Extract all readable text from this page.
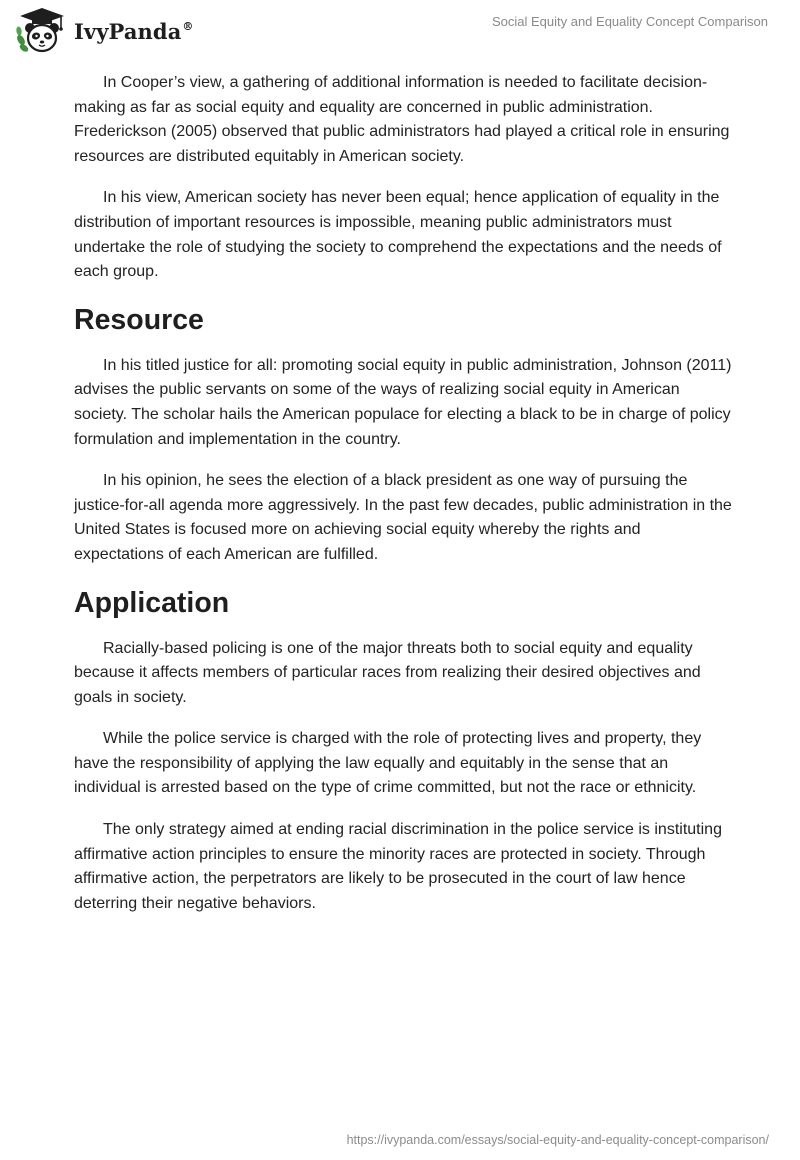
IvyPanda®	Social Equity and Equality Concept Comparison

In Cooper’s view, a gathering of additional information is needed to facilitate decision-making as far as social equity and equality are concerned in public administration. Frederickson (2005) observed that public administrators had played a critical role in ensuring resources are distributed equitably in American society.

In his view, American society has never been equal; hence application of equality in the distribution of important resources is impossible, meaning public administrators must undertake the role of studying the society to comprehend the expectations and the needs of each group.

Resource

In his titled justice for all: promoting social equity in public administration, Johnson (2011) advises the public servants on some of the ways of realizing social equity in American society. The scholar hails the American populace for electing a black to be in charge of policy formulation and implementation in the country.

In his opinion, he sees the election of a black president as one way of pursuing the justice-for-all agenda more aggressively. In the past few decades, public administration in the United States is focused more on achieving social equity whereby the rights and expectations of each American are fulfilled.

Application

Racially-based policing is one of the major threats both to social equity and equality because it affects members of particular races from realizing their desired objectives and goals in society.

While the police service is charged with the role of protecting lives and property, they have the responsibility of applying the law equally and equitably in the sense that an individual is arrested based on the type of crime committed, but not the race or ethnicity.

The only strategy aimed at ending racial discrimination in the police service is instituting affirmative action principles to ensure the minority races are protected in society. Through affirmative action, the perpetrators are likely to be prosecuted in the court of law hence deterring their negative behaviors.

https://ivypanda.com/essays/social-equity-and-equality-concept-comparison/
